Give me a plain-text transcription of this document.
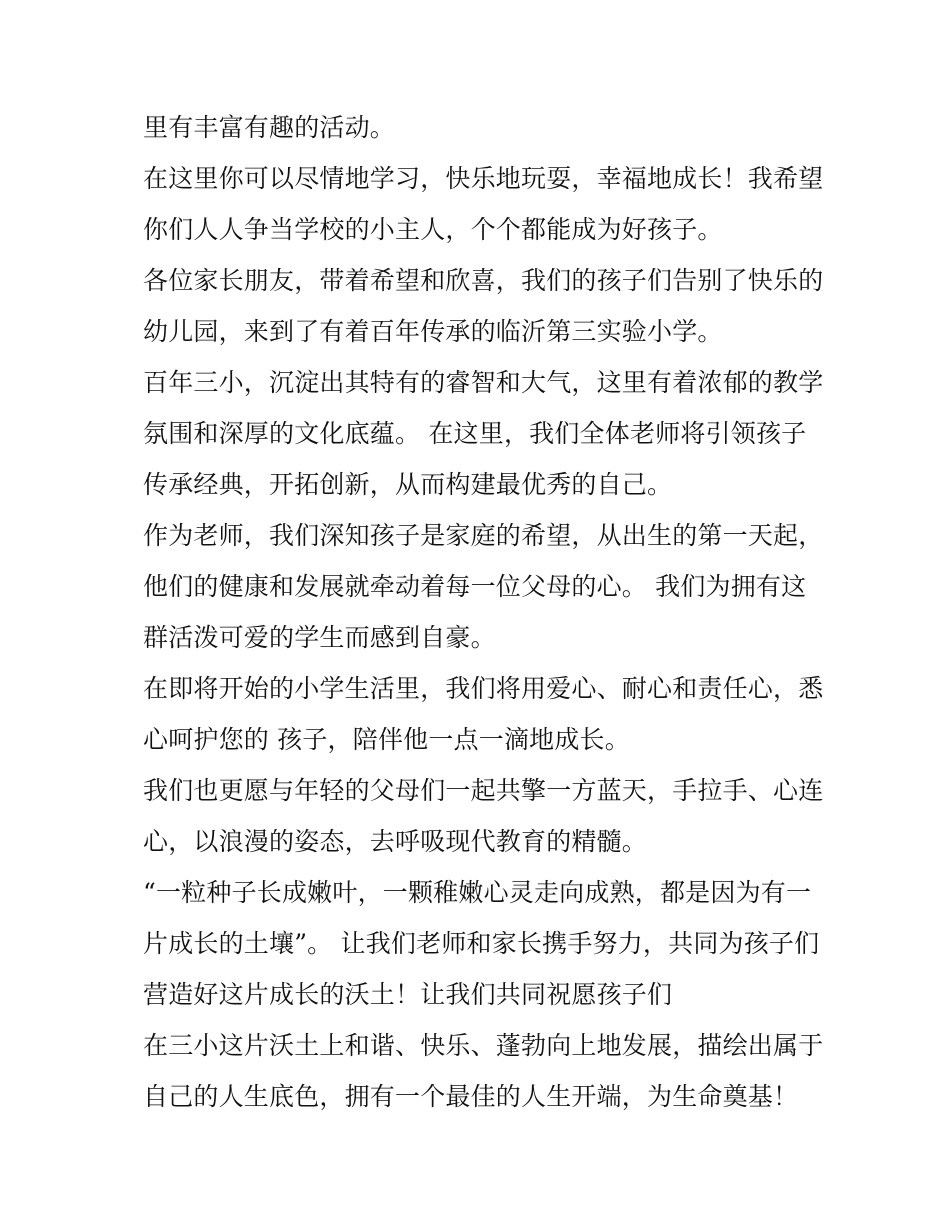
里有丰富有趣的活动。
在这里你可以尽情地学习，快乐地玩耍，幸福地成长！我希望
你们人人争当学校的小主人，个个都能成为好孩子。
各位家长朋友，带着希望和欣喜，我们的孩子们告别了快乐的
幼儿园，来到了有着百年传承的临沂第三实验小学。
百年三小，沉淀出其特有的睿智和大气，这里有着浓郁的教学
氛围和深厚的文化底蕴。 在这里，我们全体老师将引领孩子
传承经典，开拓创新，从而构建最优秀的自己。
作为老师，我们深知孩子是家庭的希望，从出生的第一天起，
他们的健康和发展就牵动着每一位父母的心。 我们为拥有这
群活泼可爱的学生而感到自豪。
在即将开始的小学生活里，我们将用爱心、耐心和责任心，悉
心呵护您的 孩子，陪伴他一点一滴地成长。
我们也更愿与年轻的父母们一起共擎一方蓝天，手拉手、心连
心，以浪漫的姿态，去呼吸现代教育的精髓。
“一粒种子长成嫩叶，一颗稚嫩心灵走向成熟，都是因为有一
片成长的土壤”。 让我们老师和家长携手努力，共同为孩子们
营造好这片成长的沃土！让我们共同祝愿孩子们
在三小这片沃土上和谐、快乐、蓬勃向上地发展，描绘出属于
自己的人生底色，拥有一个最佳的人生开端，为生命奠基！
